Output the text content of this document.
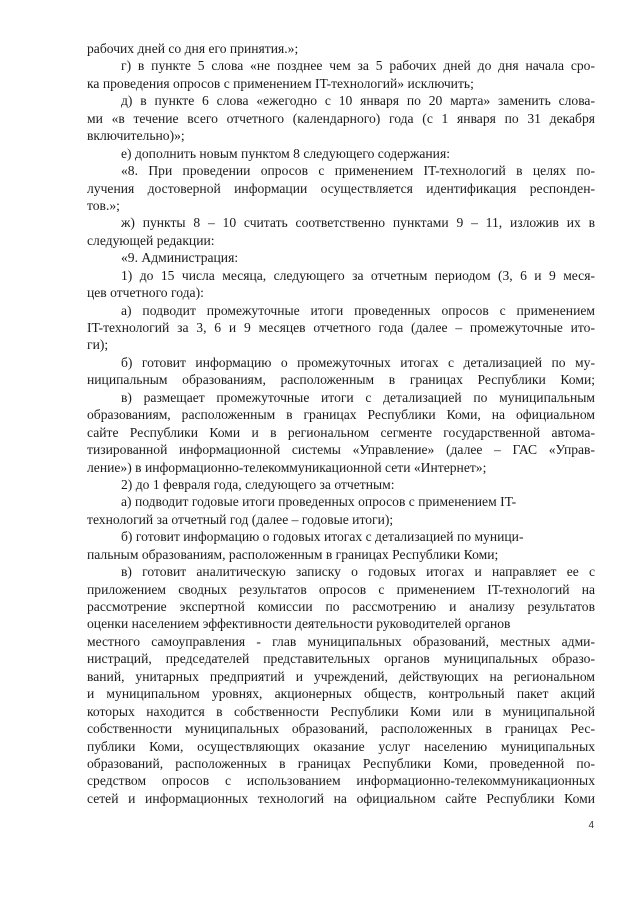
рабочих дней со дня его принятия.»;
г) в пункте 5 слова «не позднее чем за 5 рабочих дней до дня начала сро-
ка проведения опросов с применением IT-технологий» исключить;
д) в пункте 6 слова «ежегодно с 10 января по 20 марта» заменить слова-
ми «в течение всего отчетного (календарного) года (с 1 января по 31 декабря
включительно)»;
е) дополнить новым пунктом 8 следующего содержания:
«8. При проведении опросов с применением IT-технологий в целях по-
лучения достоверной информации осуществляется идентификация респонден-
тов.»;
ж) пункты 8 – 10 считать соответственно пунктами 9 – 11, изложив их в
следующей редакции:
«9. Администрация:
1) до 15 числа месяца, следующего за отчетным периодом (3, 6 и 9 меся-
цев отчетного года):
а) подводит промежуточные итоги проведенных опросов с применением
IT-технологий за 3, 6 и 9 месяцев отчетного года (далее – промежуточные ито-
ги);
б) готовит информацию о промежуточных итогах с детализацией по му-
ниципальным образованиям, расположенным в границах Республики Коми;
в) размещает промежуточные итоги с детализацией по муниципальным
образованиям, расположенным в границах Республики Коми, на официальном
сайте Республики Коми и в региональном сегменте государственной автома-
тизированной информационной системы «Управление» (далее – ГАС «Управ-
ление») в информационно-телекоммуникационной сети «Интернет»;
2) до 1 февраля года, следующего за отчетным:
а) подводит годовые итоги проведенных опросов с применением IT-
технологий за отчетный год (далее – годовые итоги);
б) готовит информацию о годовых итогах с детализацией по муници-
пальным образованиям, расположенным в границах Республики Коми;
в) готовит аналитическую записку о годовых итогах и направляет ее с
приложением сводных результатов опросов с применением IT-технологий на
рассмотрение экспертной комиссии по рассмотрению и анализу результатов
оценки населением эффективности деятельности руководителей органов
местного самоуправления - глав муниципальных образований, местных адми-
нистраций, председателей представительных органов муниципальных образо-
ваний, унитарных предприятий и учреждений, действующих на региональном
и муниципальном уровнях, акционерных обществ, контрольный пакет акций
которых находится в собственности Республики Коми или в муниципальной
собственности муниципальных образований, расположенных в границах Рес-
публики Коми, осуществляющих оказание услуг населению муниципальных
образований, расположенных в границах Республики Коми, проведенной по-
средством опросов с использованием информационно-телекоммуникационных
сетей и информационных технологий на официальном сайте Республики Коми
4
